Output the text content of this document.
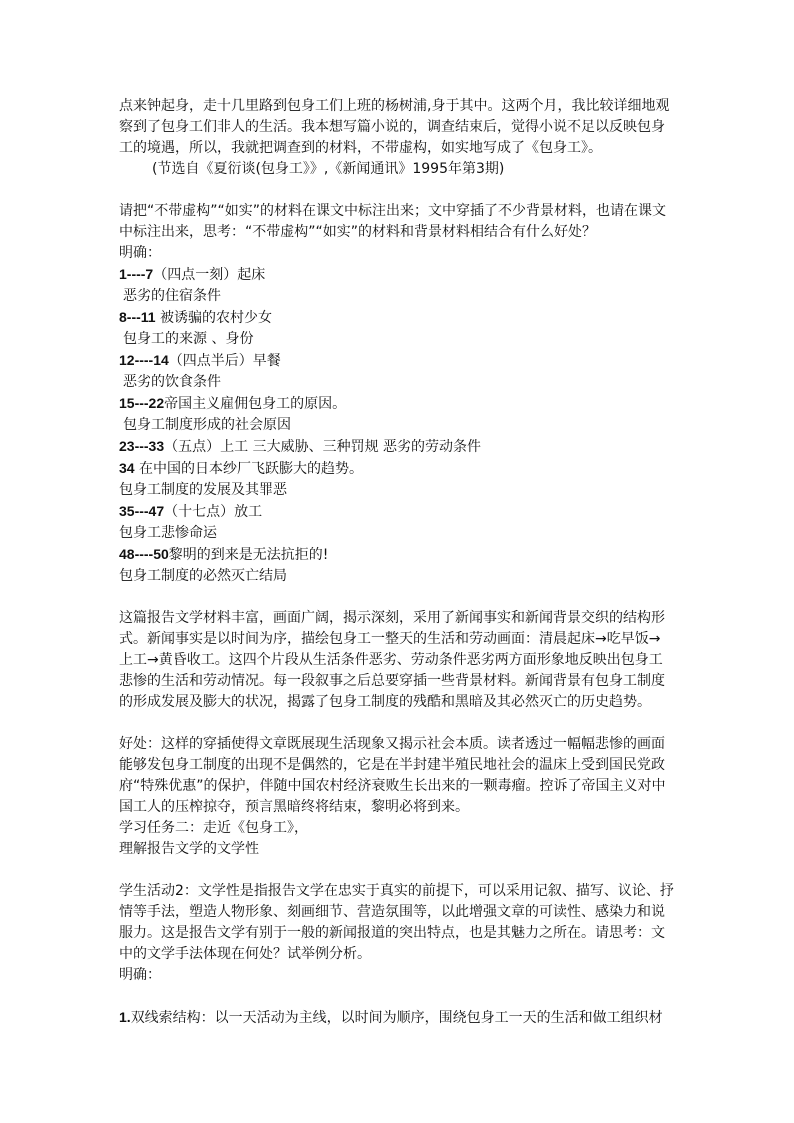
点来钟起身，走十几里路到包身工们上班的杨树浦,身于其中。这两个月，我比较详细地观

察到了包身工们非人的生活。我本想写篇小说的，调查结束后，觉得小说不足以反映包身

工的境遇，所以，我就把调查到的材料，不带虚构，如实地写成了《包身工》。

(节选自《夏衍谈(包身工》》,《新闻通讯》1995年第3期)

请把“不带虚构”“如实”的材料在课文中标注出来；文中穿插了不少背景材料，也请在课文

中标注出来，思考：“不带虚构”“如实”的材料和背景材料相结合有什么好处？

明确：

1----7（四点一刻）起床

恶劣的住宿条件

8---11 被诱骗的农村少女

包身工的来源 、身份

12----14（四点半后）早餐

恶劣的饮食条件

15---22帝国主义雇佣包身工的原因。

包身工制度形成的社会原因

23---33（五点）上工 三大威胁、三种罚规 恶劣的劳动条件

34 在中国的日本纱厂飞跃膨大的趋势。

包身工制度的发展及其罪恶

35---47（十七点）放工

包身工悲惨命运

48----50黎明的到来是无法抗拒的!

包身工制度的必然灭亡结局

这篇报告文学材料丰富，画面广阔，揭示深刻，采用了新闻事实和新闻背景交织的结构形

式。新闻事实是以时间为序，描绘包身工一整天的生活和劳动画面：清晨起床→吃早饭→

上工→黄昏收工。这四个片段从生活条件恶劣、劳动条件恶劣两方面形象地反映出包身工

悲惨的生活和劳动情况。每一段叙事之后总要穿插一些背景材料。新闻背景有包身工制度

的形成发展及膨大的状况，揭露了包身工制度的残酷和黑暗及其必然灭亡的历史趋势。

好处：这样的穿插使得文章既展现生活现象又揭示社会本质。读者透过一幅幅悲惨的画面

能够发包身工制度的出现不是偶然的，它是在半封建半殖民地社会的温床上受到国民党政

府“特殊优惠”的保护，伴随中国农村经济衰败生长出来的一颗毒瘤。控诉了帝国主义对中

国工人的压榨掠夺，预言黑暗终将结束，黎明必将到来。

学习任务二：走近《包身工》，

理解报告文学的文学性

学生活动2：文学性是指报告文学在忠实于真实的前提下，可以采用记叙、描写、议论、抒

情等手法，塑造人物形象、刻画细节、营造氛围等，以此增强文章的可读性、感染力和说

服力。这是报告文学有别于一般的新闻报道的突出特点，也是其魅力之所在。请思考：文

中的文学手法体现在何处？试举例分析。

明确：

1.双线索结构：以一天活动为主线，以时间为顺序，围绕包身工一天的生活和做工组织材
